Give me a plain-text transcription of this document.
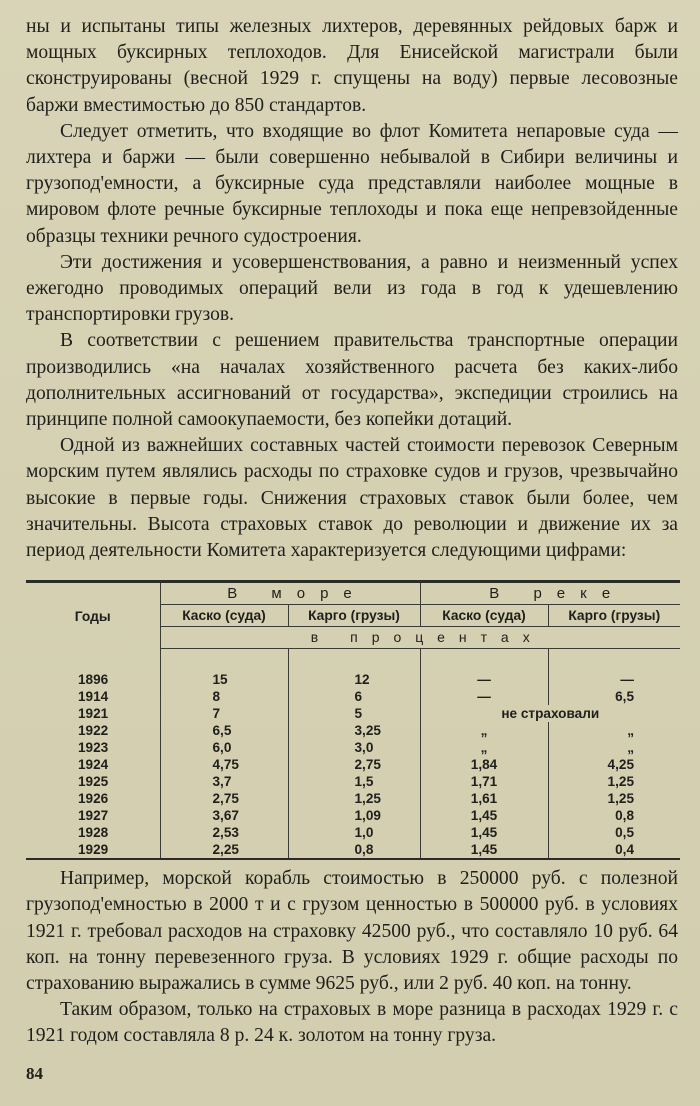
ны и испытаны типы железных лихтеров, деревянных рейдовых барж и мощных буксирных теплоходов. Для Енисейской магистрали были сконструированы (весной 1929 г. спущены на воду) первые лесовозные баржи вместимостью до 850 стандартов.

Следует отметить, что входящие во флот Комитета непаровые суда — лихтера и баржи — были совершенно небывалой в Сибири величины и грузопод'емности, а буксирные суда представляли наиболее мощные в мировом флоте речные буксирные теплоходы и пока еще непревзойденные образцы техники речного судостроения.

Эти достижения и усовершенствования, а равно и неизменный успех ежегодно проводимых операций вели из года в год к удешевлению транспортировки грузов.

В соответствии с решением правительства транспортные операции производились «на началах хозяйственного расчета без каких-либо дополнительных ассигнований от государства», экспедиции строились на принципе полной самоокупаемости, без копейки дотаций.

Одной из важнейших составных частей стоимости перевозок Северным морским путем являлись расходы по страховке судов и грузов, чрезвычайно высокие в первые годы. Снижения страховых ставок были более, чем значительны. Высота страховых ставок до революции и движение их за период деятельности Комитета характеризуется следующими цифрами:

Годы	В море		В реке	
	Каско (суда)	Карго (грузы)	Каско (суда)	Карго (грузы)
	в процентах			

1896	15	12	—	—
1914	8	6	—	6,5
1921	7	5	не страховали	
1922	6,5	3,25	„	„
1923	6,0	3,0	„	„
1924	4,75	2,75	1,84	4,25
1925	3,7	1,5	1,71	1,25
1926	2,75	1,25	1,61	1,25
1927	3,67	1,09	1,45	0,8
1928	2,53	1,0	1,45	0,5
1929	2,25	0,8	1,45	0,4

Например, морской корабль стоимостью в 250000 руб. с полезной грузопод'емностью в 2000 т и с грузом ценностью в 500000 руб. в условиях 1921 г. требовал расходов на страховку 42500 руб., что составляло 10 руб. 64 коп. на тонну перевезенного груза. В условиях 1929 г. общие расходы по страхованию выражались в сумме 9625 руб., или 2 руб. 40 коп. на тонну.

Таким образом, только на страховых в море разница в расходах 1929 г. с 1921 годом составляла 8 р. 24 к. золотом на тонну груза.

84
